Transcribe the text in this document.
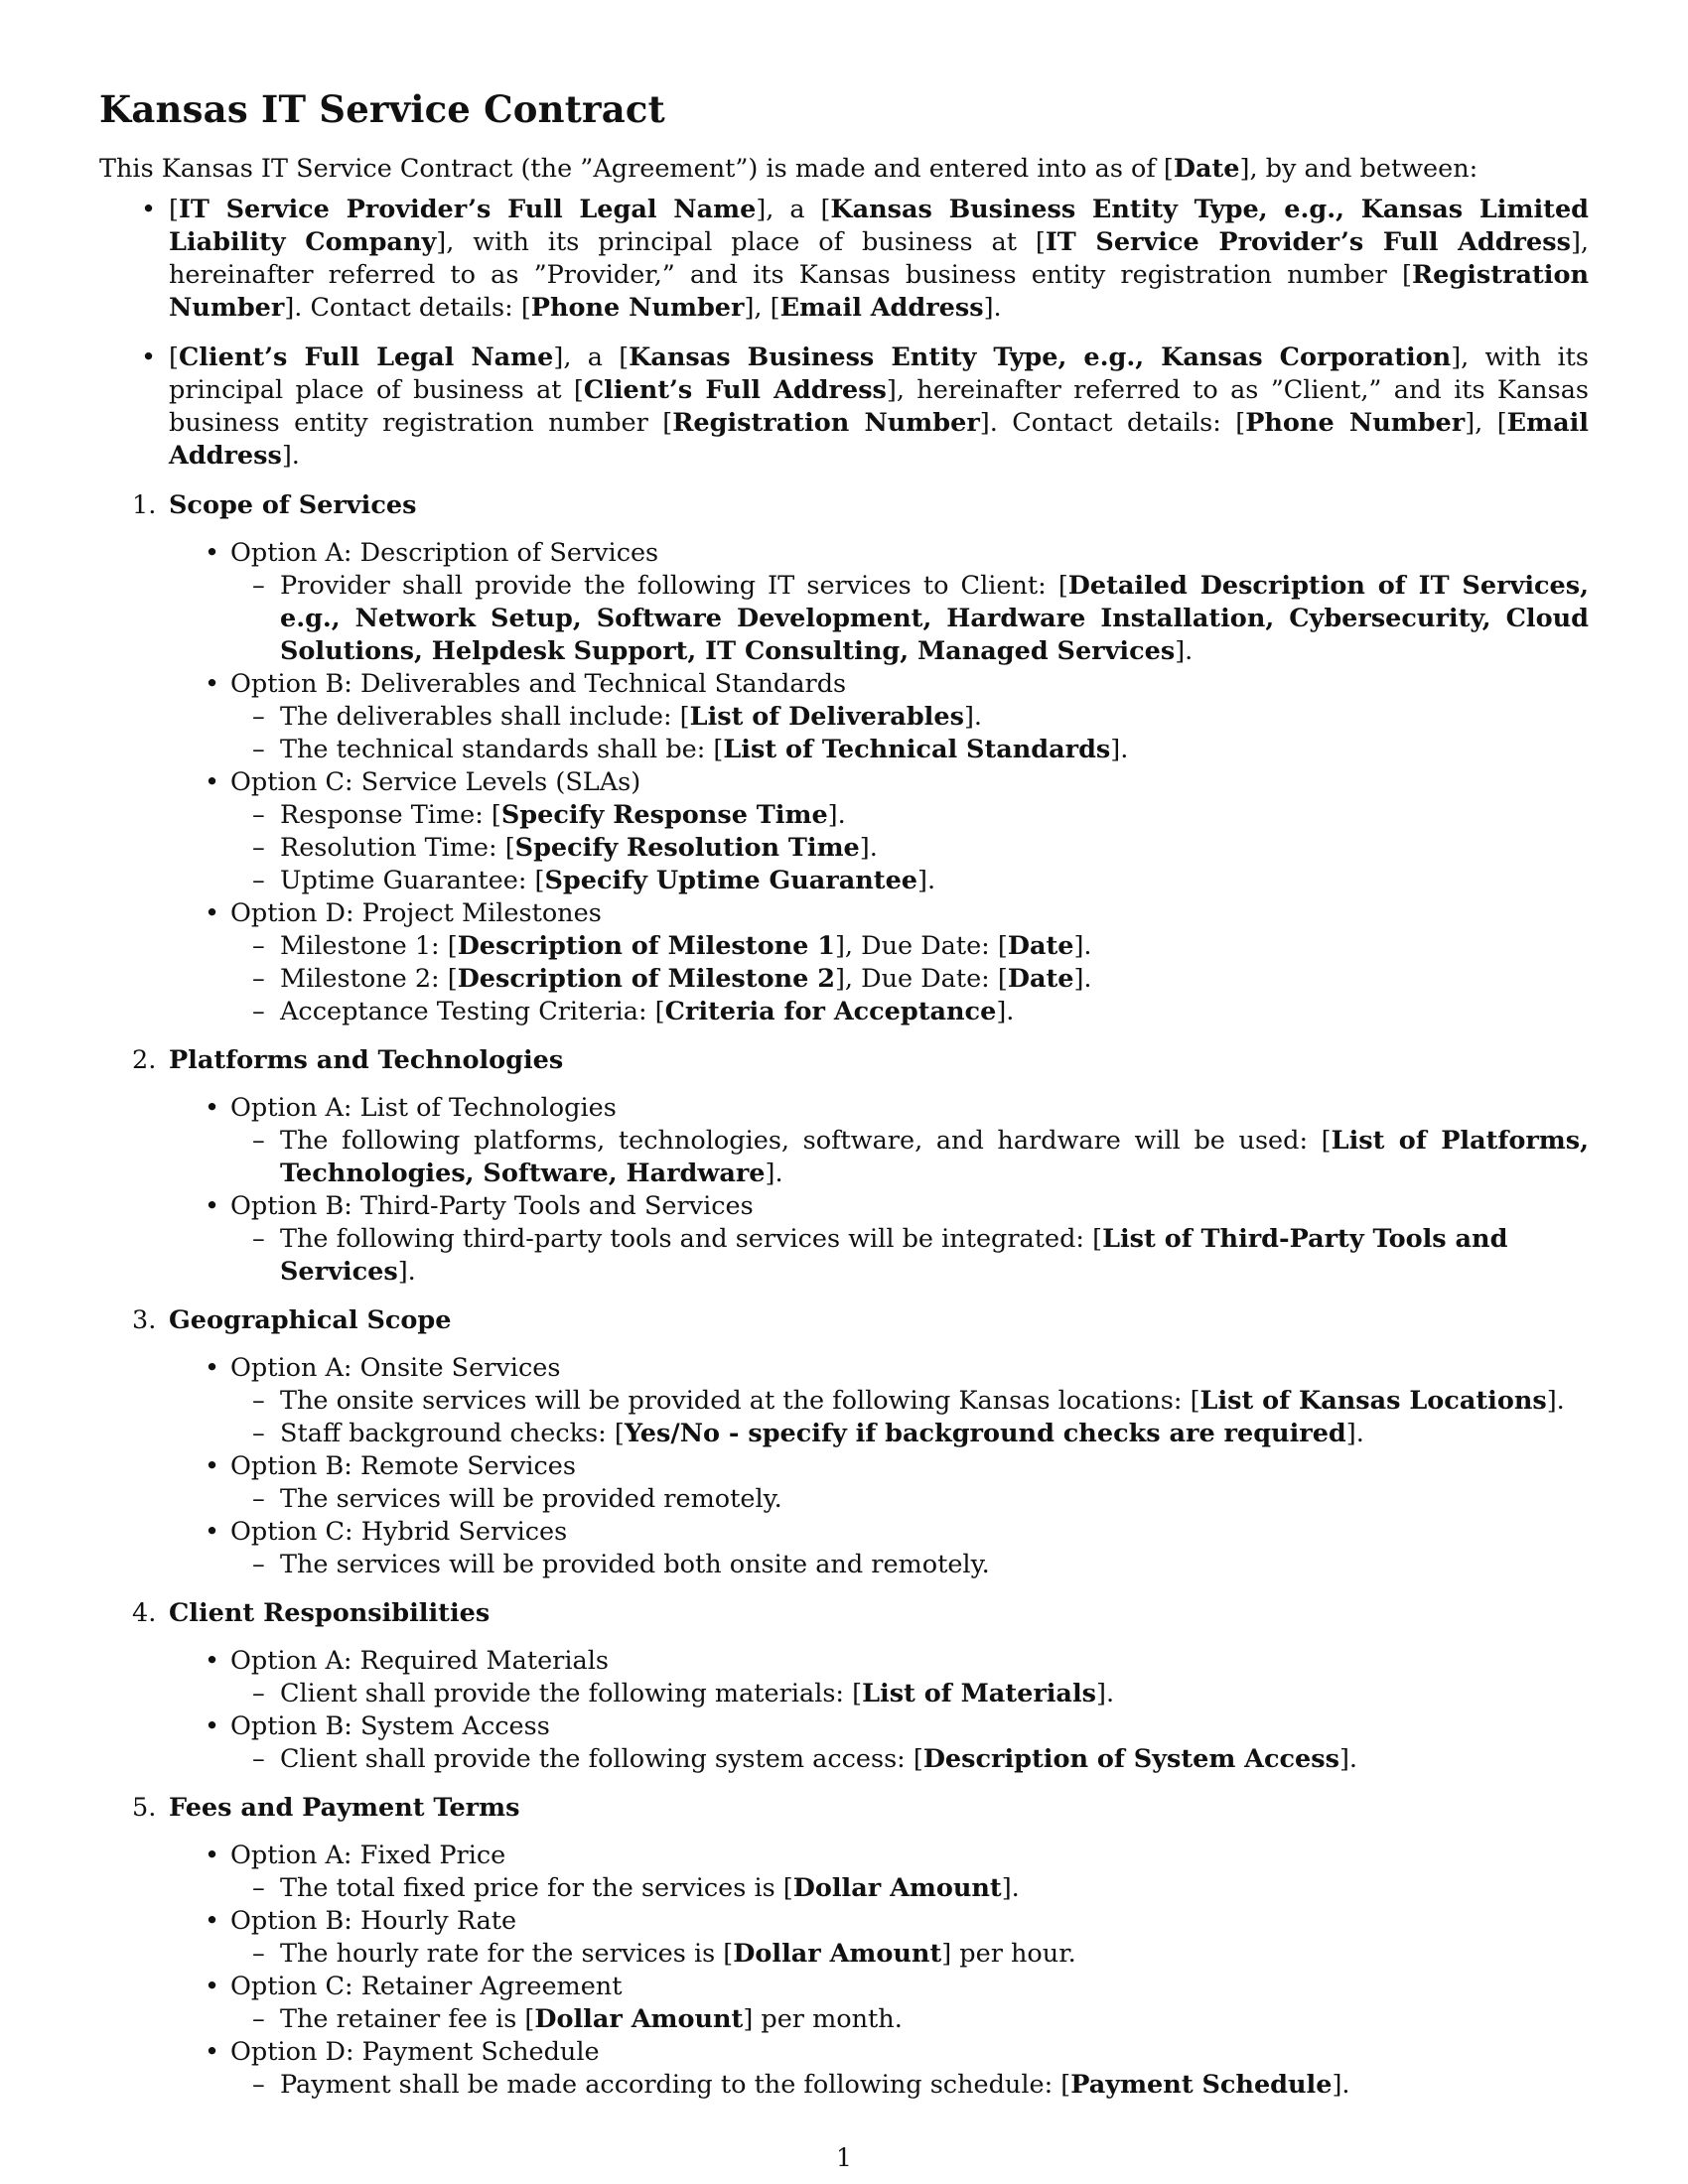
Kansas IT Service Contract

This Kansas IT Service Contract (the ”Agreement”) is made and entered into as of [Date], by and between:

• [IT Service Provider’s Full Legal Name], a [Kansas Business Entity Type, e.g., Kansas Limited Liability Company], with its principal place of business at [IT Service Provider’s Full Address], hereinafter referred to as ”Provider,” and its Kansas business entity registration number [Registration Number]. Contact details: [Phone Number], [Email Address].
• [Client’s Full Legal Name], a [Kansas Business Entity Type, e.g., Kansas Corporation], with its principal place of business at [Client’s Full Address], hereinafter referred to as ”Client,” and its Kansas business entity registration number [Registration Number]. Contact details: [Phone Number], [Email Address].
1. Scope of Services
• Option A: Description of Services
– Provider shall provide the following IT services to Client: [Detailed Description of IT Services, e.g., Network Setup, Software Development, Hardware Installation, Cybersecurity, Cloud Solutions, Helpdesk Support, IT Consulting, Managed Services].
• Option B: Deliverables and Technical Standards
– The deliverables shall include: [List of Deliverables].
– The technical standards shall be: [List of Technical Standards].
• Option C: Service Levels (SLAs)
– Response Time: [Specify Response Time].
– Resolution Time: [Specify Resolution Time].
– Uptime Guarantee: [Specify Uptime Guarantee].
• Option D: Project Milestones
– Milestone 1: [Description of Milestone 1], Due Date: [Date].
– Milestone 2: [Description of Milestone 2], Due Date: [Date].
– Acceptance Testing Criteria: [Criteria for Acceptance].
2. Platforms and Technologies
• Option A: List of Technologies
– The following platforms, technologies, software, and hardware will be used: [List of Platforms, Technologies, Software, Hardware].
• Option B: Third-Party Tools and Services
– The following third-party tools and services will be integrated: [List of Third-Party Tools and Services].
3. Geographical Scope
• Option A: Onsite Services
– The onsite services will be provided at the following Kansas locations: [List of Kansas Locations].
– Staff background checks: [Yes/No - specify if background checks are required].
• Option B: Remote Services
– The services will be provided remotely.
• Option C: Hybrid Services
– The services will be provided both onsite and remotely.
4. Client Responsibilities
• Option A: Required Materials
– Client shall provide the following materials: [List of Materials].
• Option B: System Access
– Client shall provide the following system access: [Description of System Access].
5. Fees and Payment Terms
• Option A: Fixed Price
– The total fixed price for the services is [Dollar Amount].
• Option B: Hourly Rate
– The hourly rate for the services is [Dollar Amount] per hour.
• Option C: Retainer Agreement
– The retainer fee is [Dollar Amount] per month.
• Option D: Payment Schedule
– Payment shall be made according to the following schedule: [Payment Schedule].
1
